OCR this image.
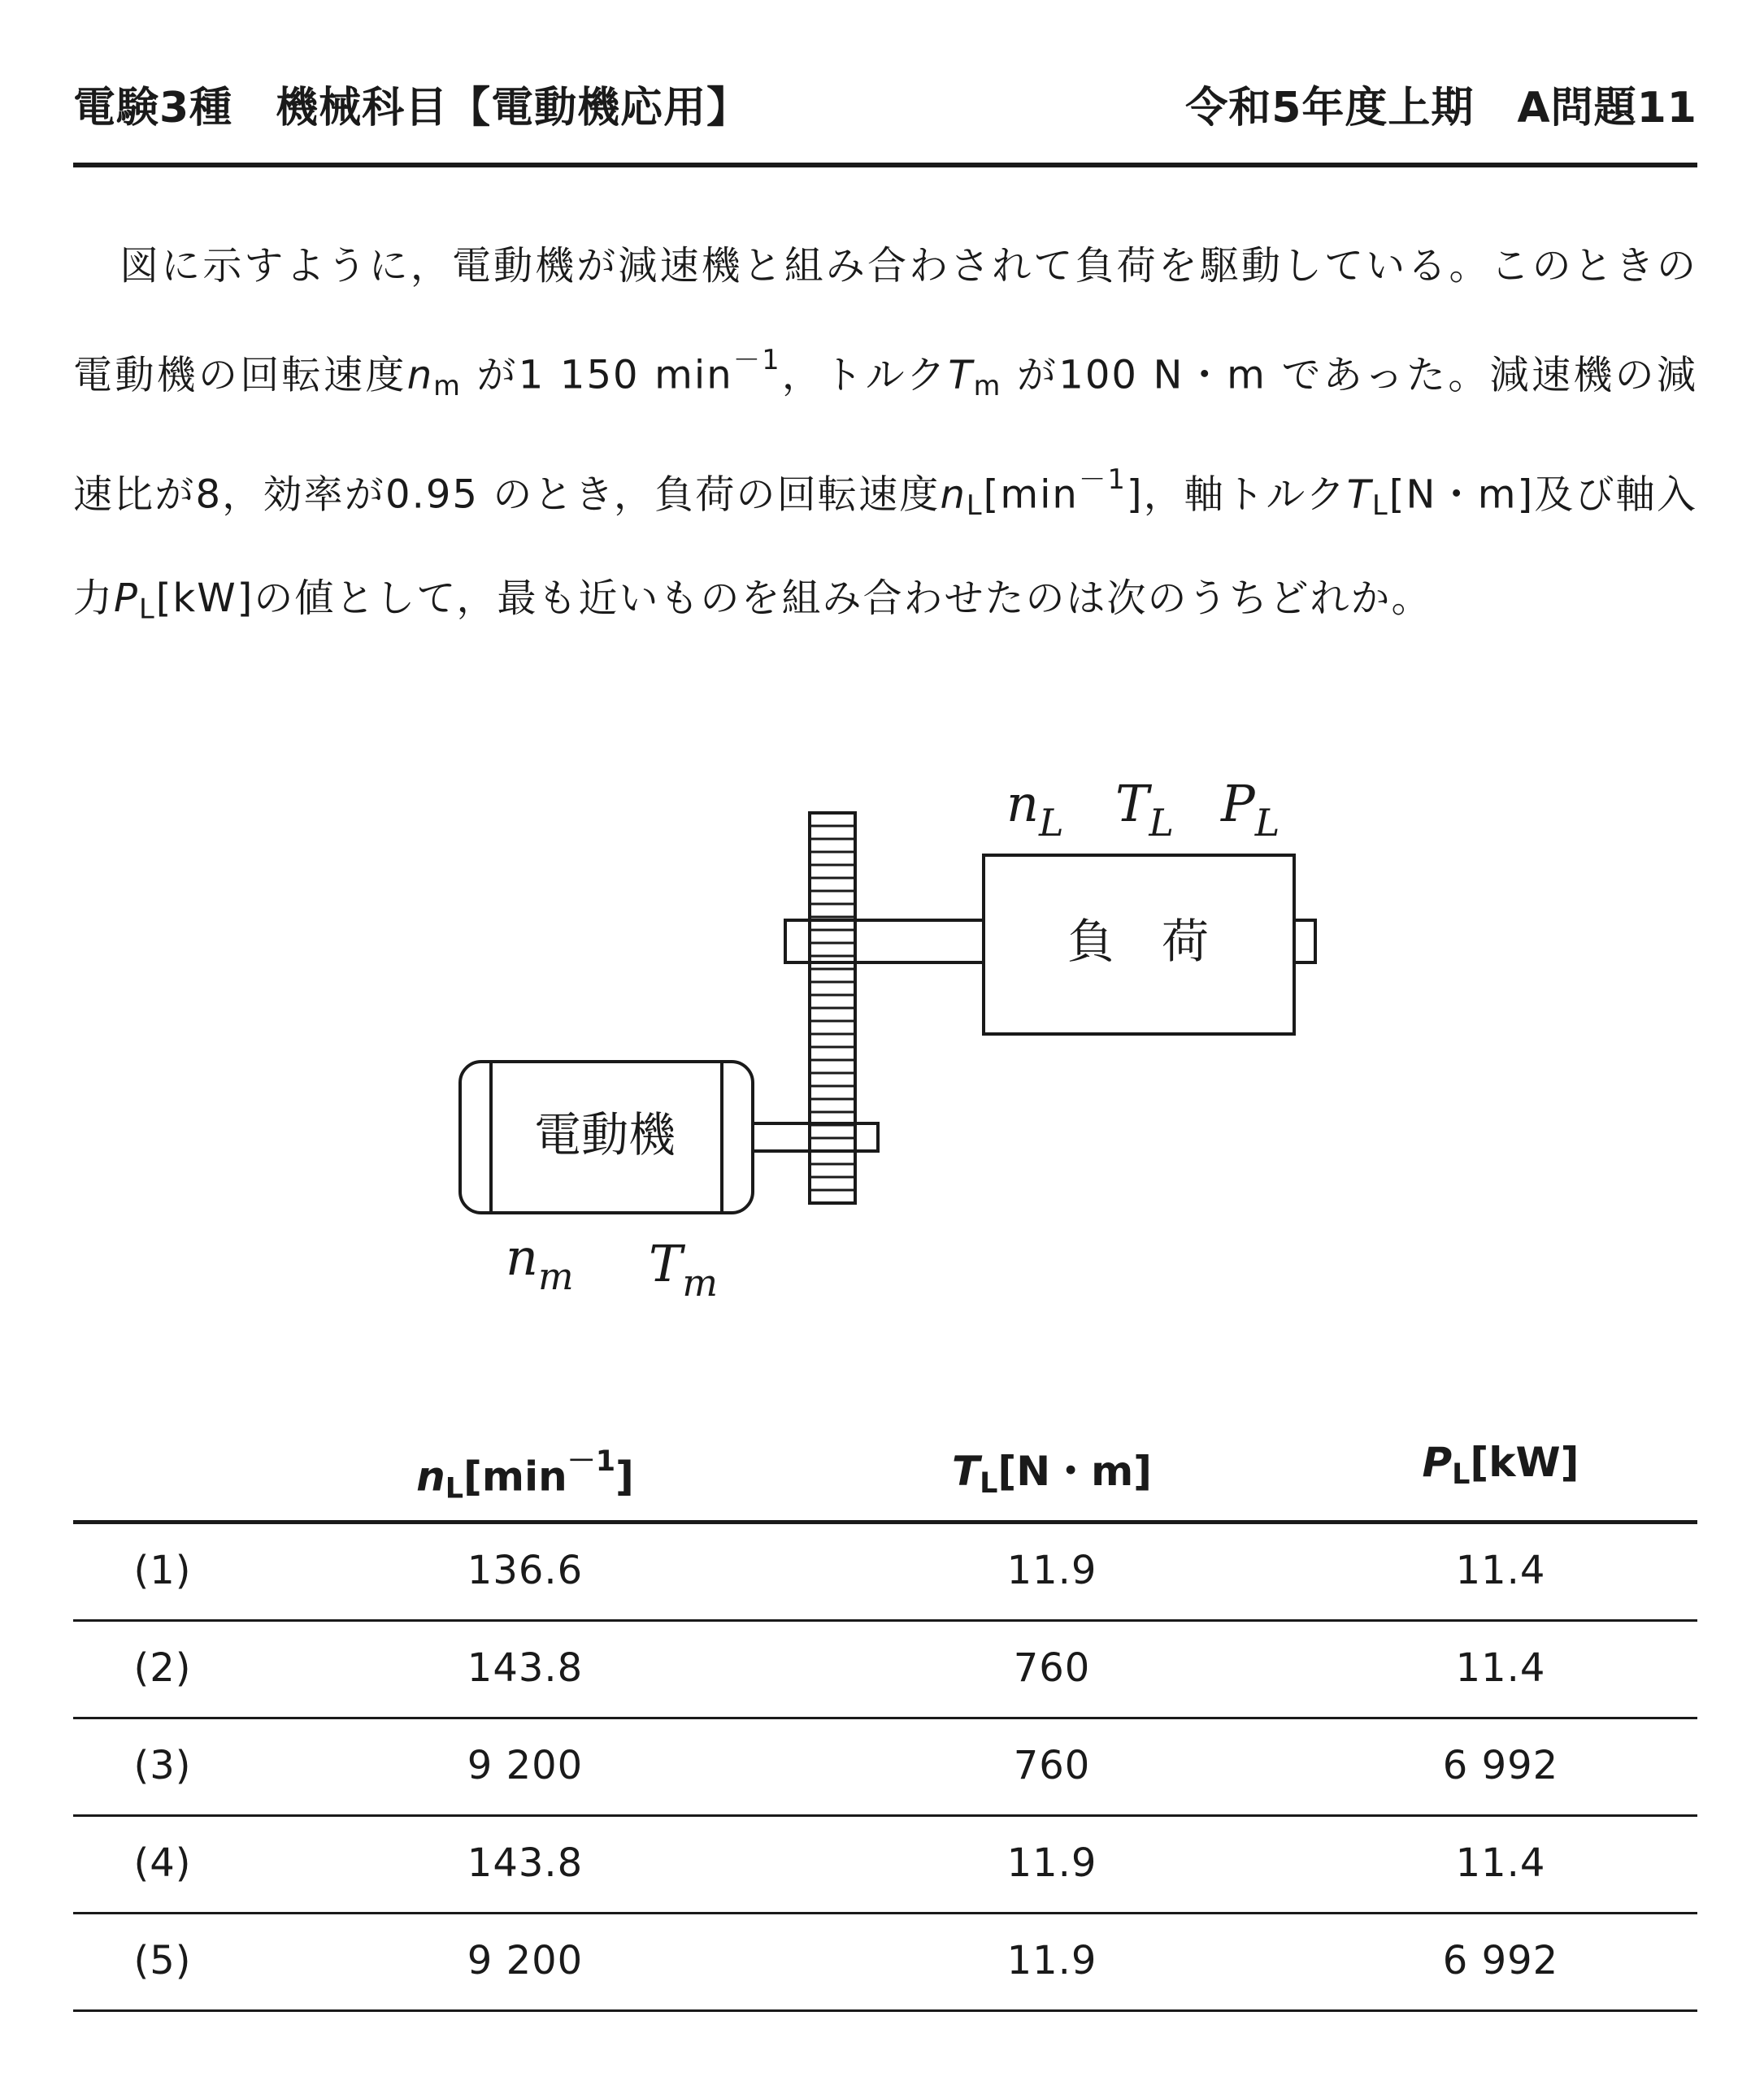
電験3種　機械科目【電動機応用】	令和5年度上期　A問題11

図に示すように，電動機が減速機と組み合わされて負荷を駆動している。このときの電動機の回転速度$n_m$ が1 150 $\min^{-1}$，トルク$T_m$ が100 N・m であった。減速機の減速比が8，効率が0.95 のとき，負荷の回転速度$n_L[\min^{-1}]$，軸トルク$T_L[N$・m]及び軸入力$P_L[kW]$の値として，最も近いものを組み合わせたのは次のうちどれか。

負　荷
電動機
$n_L$ $T_L$ $P_L$
$n_m$ $T_m$
$n_L[\min^{-1}]$	$T_L[N$・m]	$P_L[kW]$
(1)	136.6	11.9	11.4
(2)	143.8	760	11.4
(3)	9 200	760	6 992
(4)	143.8	11.9	11.4
(5)	9 200	11.9	6 992
